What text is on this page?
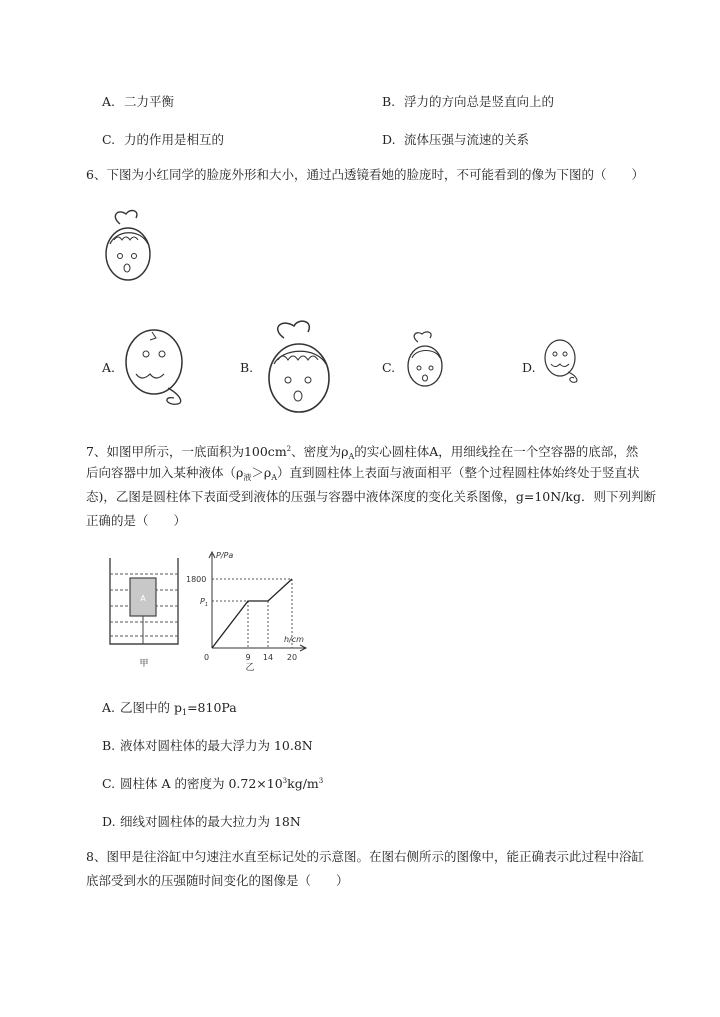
A. 二力平衡	B. 浮力的方向总是竖直向上的
C. 力的作用是相互的	D. 流体压强与流速的关系
6、下图为小红同学的脸庞外形和大小，通过凸透镜看她的脸庞时，不可能看到的像为下图的（　　）
A.	B.	C.	D.
7、如图甲所示，一底面积为$100cm^2$、密度为$\rho_A$的实心圆柱体A，用细线拴在一个空容器的底部，然
后向容器中加入某种液体$(\rho_液>\rho_A)$直到圆柱体上表面与液面相平（整个过程圆柱体始终处于竖直状
态)，乙图是圆柱体下表面受到液体的压强与容器中液体深度的变化关系图像，g=10N/kg．则下列判断
正确的是（　　）
A
甲
P/Pa
h/cm
1800
$P_1$
0	9 14 20
乙
A. 乙图中的 $p_1=810Pa$
B. 液体对圆柱体的最大浮力为 10.8N
C. 圆柱体 A 的密度为 $0.72\times 10^3kg/m^3$
D. 细线对圆柱体的最大拉力为 18N
8、图甲是往浴缸中匀速注水直至标记处的示意图。在图右侧所示的图像中，能正确表示此过程中浴缸
底部受到水的压强随时间变化的图像是（　　）
